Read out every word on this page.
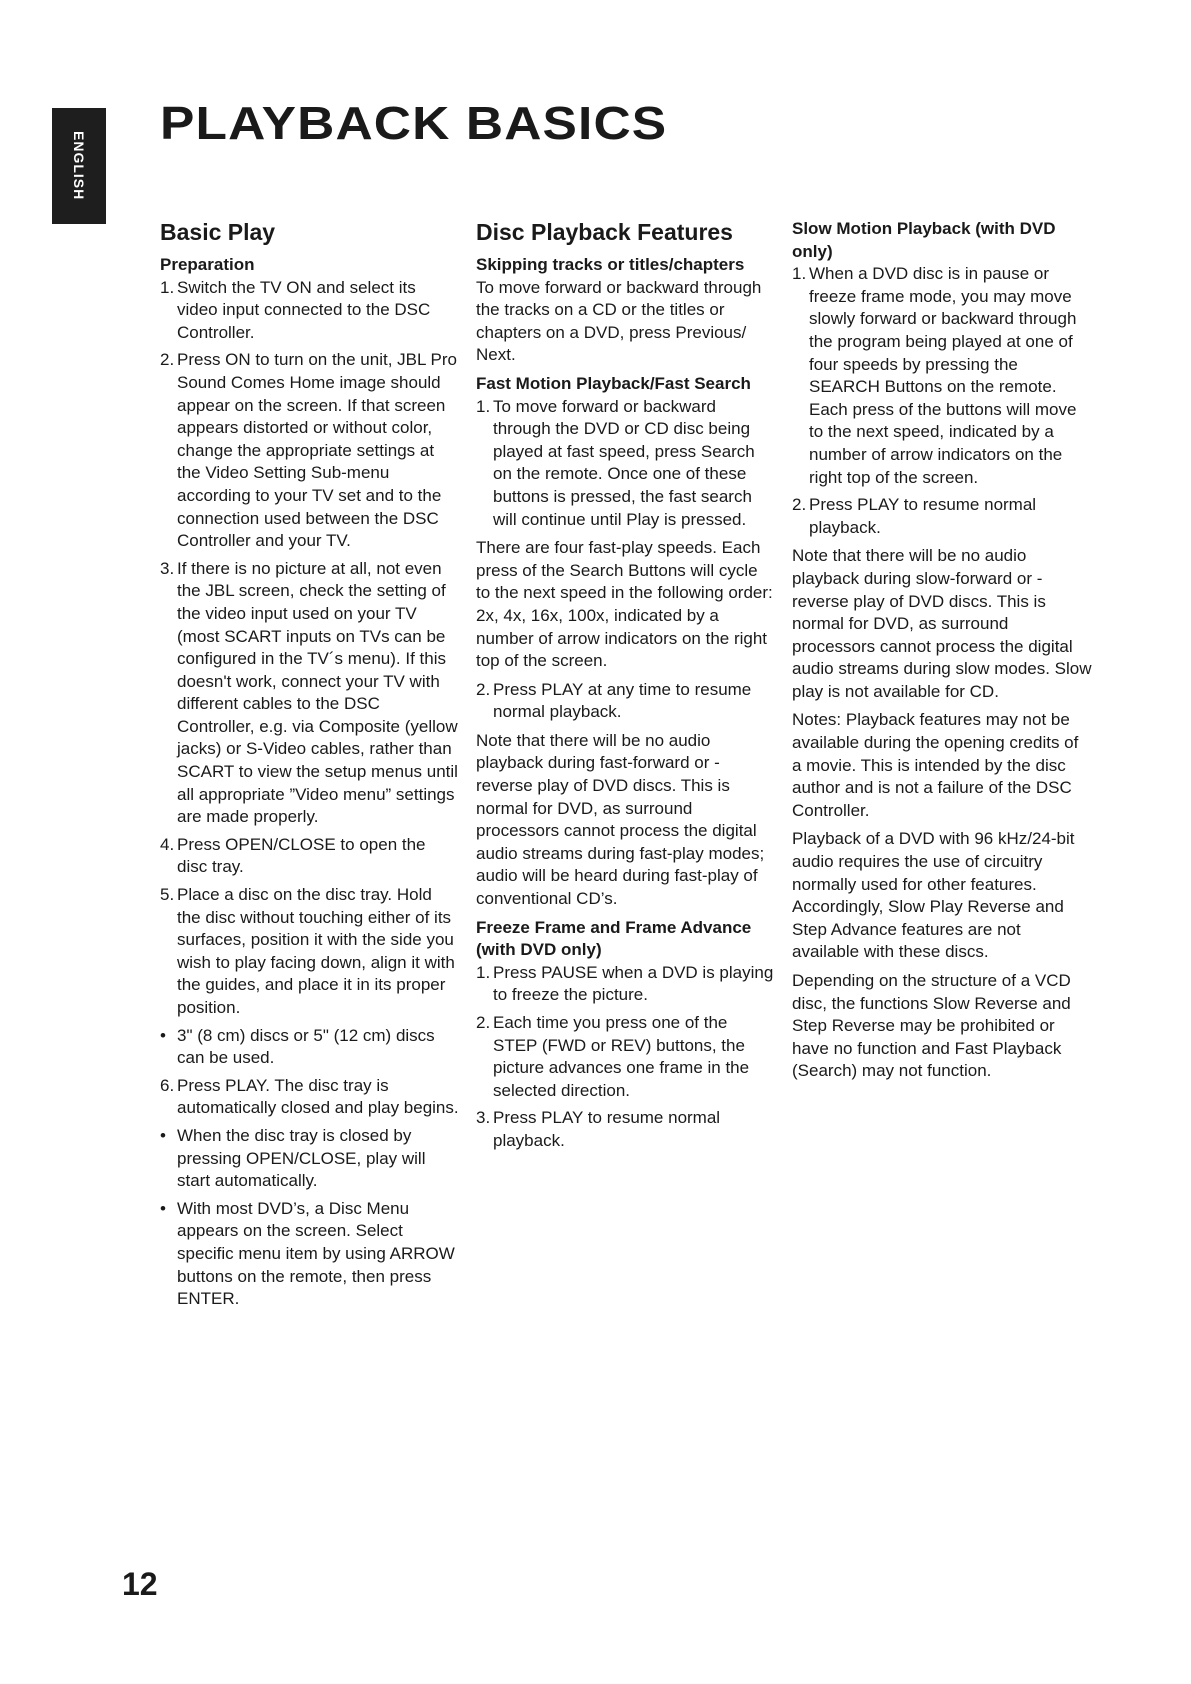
ENGLISH
PLAYBACK BASICS
Basic Play
Preparation
1. Switch the TV ON and select its video input connected to the DSC Controller.
2. Press ON to turn on the unit, JBL Pro Sound Comes Home image should appear on the screen. If that screen appears distorted or without color, change the appropriate settings at the Video Setting Sub-menu according to your TV set and to the connection used between the DSC Controller and your TV.
3. If there is no picture at all, not even the JBL screen, check the setting of the video input used on your TV (most SCART inputs on TVs can be configured in the TV´s menu). If this doesn't work, connect your TV with different cables to the DSC Controller, e.g. via Composite (yellow jacks) or S-Video cables, rather than SCART to view the setup menus until all appropriate ”Video menu” settings are made properly.
4. Press OPEN/CLOSE to open the disc tray.
5. Place a disc on the disc tray. Hold the disc without touching either of its surfaces, position it with the side you wish to play facing down, align it with the guides, and place it in its proper position.
• 3" (8 cm) discs or 5" (12 cm) discs can be used.
6. Press PLAY. The disc tray is automatically closed and play begins.
• When the disc tray is closed by pressing OPEN/CLOSE, play will start automatically.
• With most DVD’s, a Disc Menu appears on the screen. Select specific menu item by using ARROW buttons on the remote, then press ENTER.
Disc Playback Features
Skipping tracks or titles/chapters

To move forward or backward through the tracks on a CD or the titles or chapters on a DVD, press Previous/ Next.

Fast Motion Playback/Fast Search
1. To move forward or backward through the DVD or CD disc being played at fast speed, press Search on the remote. Once one of these buttons is pressed, the fast search will continue until Play is pressed.

There are four fast-play speeds. Each press of the Search Buttons will cycle to the next speed in the following order: 2x, 4x, 16x, 100x, indicated by a number of arrow indicators on the right top of the screen.

2. Press PLAY at any time to resume normal playback.

Note that there will be no audio playback during fast-forward or -reverse play of DVD discs. This is normal for DVD, as surround processors cannot process the digital audio streams during fast-play modes; audio will be heard during fast-play of conventional CD’s.

Freeze Frame and Frame Advance (with DVD only)
1. Press PAUSE when a DVD is playing to freeze the picture.
2. Each time you press one of the STEP (FWD or REV) buttons, the picture advances one frame in the selected direction.
3. Press PLAY to resume normal playback.
Slow Motion Playback (with DVD only)
1. When a DVD disc is in pause or freeze frame mode, you may move slowly forward or backward through the program being played at one of four speeds by pressing the SEARCH Buttons on the remote. Each press of the buttons will move to the next speed, indicated by a number of arrow indicators on the right top of the screen.
2. Press PLAY to resume normal playback.

Note that there will be no audio playback during slow-forward or -reverse play of DVD discs. This is normal for DVD, as surround processors cannot process the digital audio streams during slow modes. Slow play is not available for CD.

Notes: Playback features may not be available during the opening credits of a movie. This is intended by the disc author and is not a failure of the DSC Controller.

Playback of a DVD with 96 kHz/24-bit audio requires the use of circuitry normally used for other features. Accordingly, Slow Play Reverse and Step Advance features are not available with these discs.

Depending on the structure of a VCD disc, the functions Slow Reverse and Step Reverse may be prohibited or have no function and Fast Playback (Search) may not function.

12
